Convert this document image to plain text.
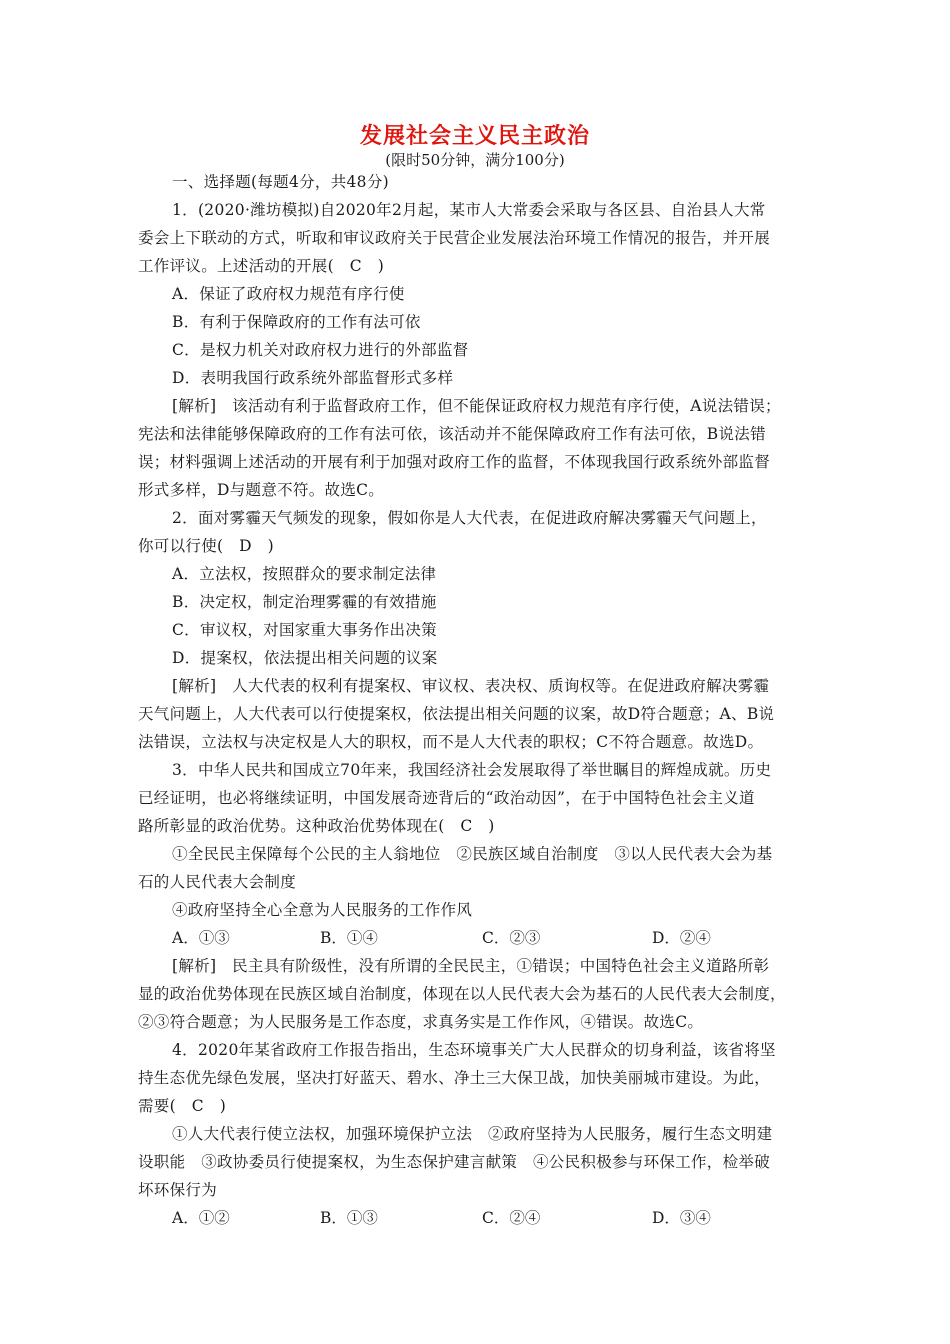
发展社会主义民主政治
(限时50分钟，满分100分)
一、选择题(每题4分，共48分)
1．(2020·潍坊模拟)自2020年2月起，某市人大常委会采取与各区县、自治县人大常
委会上下联动的方式，听取和审议政府关于民营企业发展法治环境工作情况的报告，并开展
工作评议。上述活动的开展(　C　)
A．保证了政府权力规范有序行使
B．有利于保障政府的工作有法可依
C．是权力机关对政府权力进行的外部监督
D．表明我国行政系统外部监督形式多样
[解析]　该活动有利于监督政府工作，但不能保证政府权力规范有序行使，A说法错误；
宪法和法律能够保障政府的工作有法可依，该活动并不能保障政府工作有法可依，B说法错
误；材料强调上述活动的开展有利于加强对政府工作的监督，不体现我国行政系统外部监督
形式多样，D与题意不符。故选C。
2．面对雾霾天气频发的现象，假如你是人大代表，在促进政府解决雾霾天气问题上，
你可以行使(　D　)
A．立法权，按照群众的要求制定法律
B．决定权，制定治理雾霾的有效措施
C．审议权，对国家重大事务作出决策
D．提案权，依法提出相关问题的议案
[解析]　人大代表的权利有提案权、审议权、表决权、质询权等。在促进政府解决雾霾
天气问题上，人大代表可以行使提案权，依法提出相关问题的议案，故D符合题意；A、B说
法错误，立法权与决定权是人大的职权，而不是人大代表的职权；C不符合题意。故选D。
3．中华人民共和国成立70年来，我国经济社会发展取得了举世瞩目的辉煌成就。历史
已经证明，也必将继续证明，中国发展奇迹背后的“政治动因”，在于中国特色社会主义道
路所彰显的政治优势。这种政治优势体现在(　C　)
①全民民主保障每个公民的主人翁地位　②民族区域自治制度　③以人民代表大会为基
石的人民代表大会制度
④政府坚持全心全意为人民服务的工作作风
A．①③	B．①④	C．②③	D．②④
[解析]　民主具有阶级性，没有所谓的全民民主，①错误；中国特色社会主义道路所彰
显的政治优势体现在民族区域自治制度，体现在以人民代表大会为基石的人民代表大会制度，
②③符合题意；为人民服务是工作态度，求真务实是工作作风，④错误。故选C。
4．2020年某省政府工作报告指出，生态环境事关广大人民群众的切身利益，该省将坚
持生态优先绿色发展，坚决打好蓝天、碧水、净土三大保卫战，加快美丽城市建设。为此，
需要(　C　)
①人大代表行使立法权，加强环境保护立法　②政府坚持为人民服务，履行生态文明建
设职能　③政协委员行使提案权，为生态保护建言献策　④公民积极参与环保工作，检举破
坏环保行为
A．①②	B．①③	C．②④	D．③④
